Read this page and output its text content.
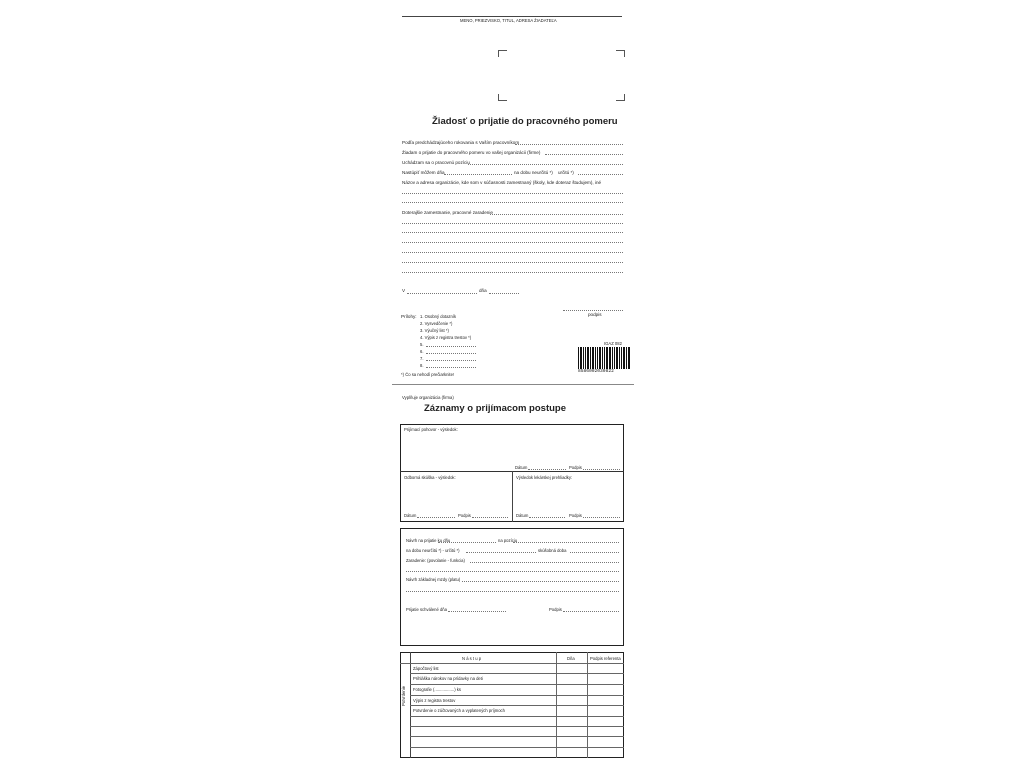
MENO, PRIEZVISKO, TITUL, ADRESA ŽIADATEĽA
Žiadosť o prijatie do pracovného pomeru
Podľa predchádzajúceho rokovania s Vaším pracovníkom
Žiadam o prijatie do pracovného pomeru vo vašej organizácii (firme)
Uchádzam sa o pracovnú pozíciu
Nastúpiť môžem dňa	na dobu neurčitú *) určitú *)
Názov a adresa organizácie, kde som v súčasnosti zamestnaný (školy, kde doteraz študujem), iné
Doterajšie zamestnanie, pracovné zaradenie
V	dňa
podpis
Prílohy: 1. Osobný dotazník
2. Vysvedčenie *)
3. Výučný list *)
4. Výpis z registra trestov *)
5.
6.
7.
8.
*) Čo sa nehodí prečiarknite!
IGAZ 082
8586002030822
Vyplňuje organizácia (firma)
Záznamy o prijímacom postupe
Prijímací pohovor - výsledok:
Dátum	Podpis
Odborná skúška - výsledok:	Výsledok lekárskej prehliadky:
Dátum	Podpis	Dátum	Podpis
Návrh na prijatie ku dňu	na pozíciu
na dobu neurčitú *) - určitú *)	skúšobná doba
Zaradenie: (povolanie - funkcia)
Návrh základnej mzdy (platu)
Prijatie schválené dňa	Podpis
Potvrdenie
N á s t u p	Dňa	Podpis referenta
Zápočtový list
Prihláška nárokov na prídavky na deti
Fotografie (.................) ks
Výpis z registra trestov
Potvrdenie o zúčtovaných a vyplatených príjmoch
